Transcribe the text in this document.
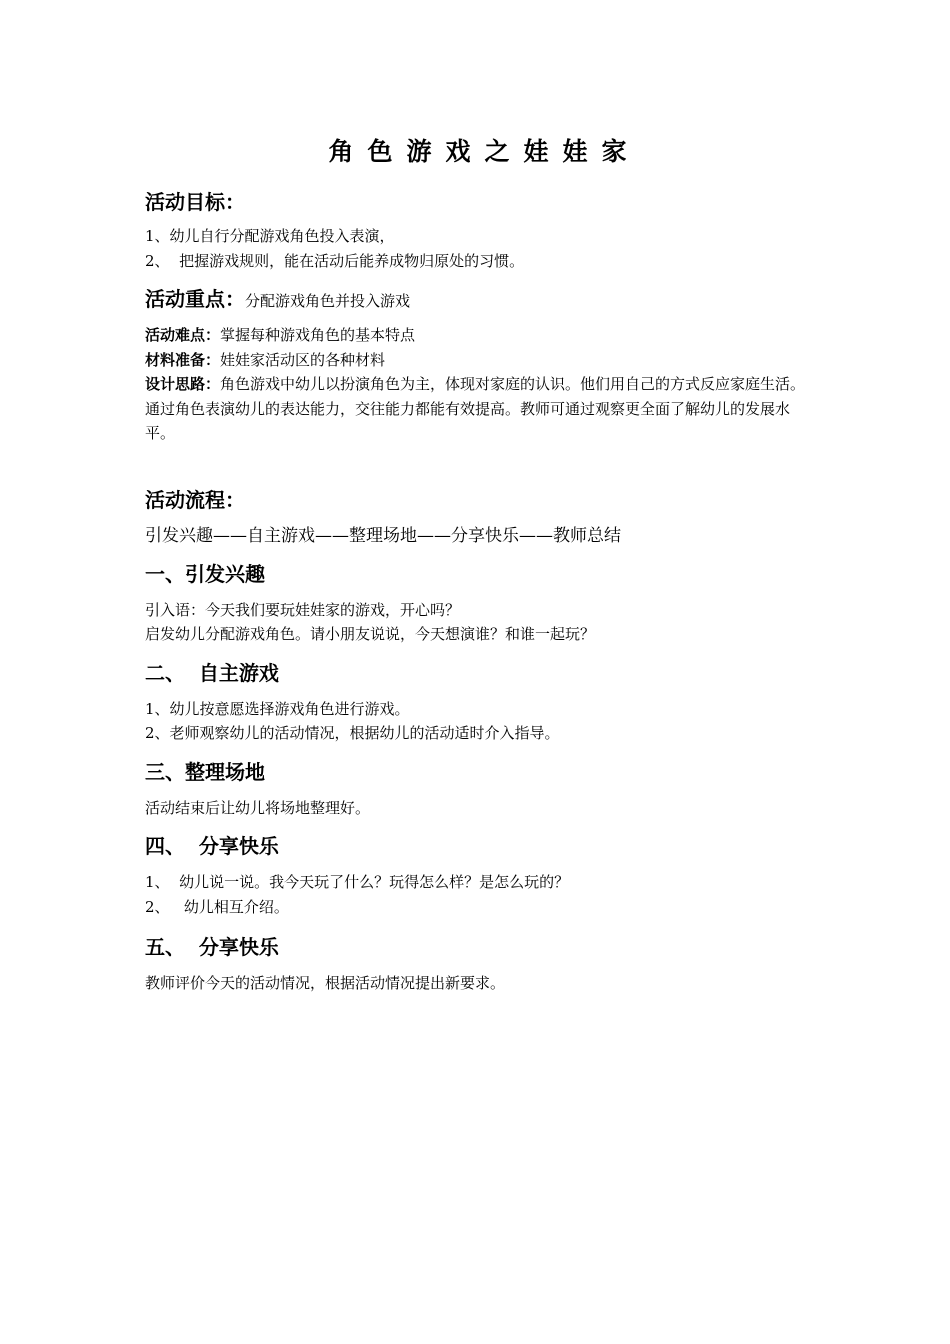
角色游戏之娃娃家
活动目标：
1、幼儿自行分配游戏角色投入表演，
2、  把握游戏规则，能在活动后能养成物归原处的习惯。
活动重点：分配游戏角色并投入游戏
活动难点：掌握每种游戏角色的基本特点
材料准备：娃娃家活动区的各种材料
设计思路：角色游戏中幼儿以扮演角色为主，体现对家庭的认识。他们用自己的方式反应家庭生活。通过角色表演幼儿的表达能力，交往能力都能有效提高。教师可通过观察更全面了解幼儿的发展水平。
活动流程：
引发兴趣——自主游戏——整理场地——分享快乐——教师总结
一、引发兴趣
引入语：今天我们要玩娃娃家的游戏，开心吗？
启发幼儿分配游戏角色。请小朋友说说，今天想演谁？和谁一起玩？
二、  自主游戏
1、幼儿按意愿选择游戏角色进行游戏。
2、老师观察幼儿的活动情况，根据幼儿的活动适时介入指导。
三、整理场地
活动结束后让幼儿将场地整理好。
四、  分享快乐
1、  幼儿说一说。我今天玩了什么？玩得怎么样？是怎么玩的？
2、   幼儿相互介绍。
五、  分享快乐
教师评价今天的活动情况，根据活动情况提出新要求。
